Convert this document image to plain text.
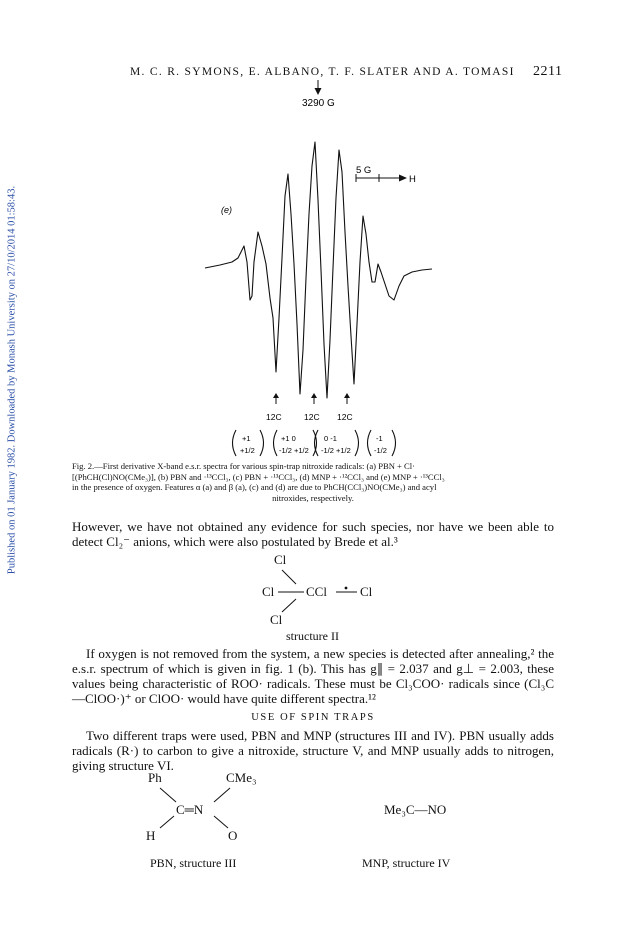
Published on 01 January 1982. Downloaded by Monash University on 27/10/2014 01:58:43.
M. C. R. SYMONS, E. ALBANO, T. F. SLATER AND A. TOMASI	2211
3290 G
5 G
H
(e)
12C	12C 12C
+1
+1/2
+1 0
-1/2 +1/2
0 -1
-1/2 +1/2
-1
-1/2
Fig. 2.—First derivative X-band e.s.r. spectra for various spin-trap nitroxide radicals: (a) PBN + Cl·
[(PhCH(Cl)NO(CMe₃)], (b) PBN and ·¹³CCl₃, (c) PBN + ·¹³CCl₃, (d) MNP + ·¹²CCl₃ and (e) MNP + ·¹³CCl₃
in the presence of oxygen. Features α (a) and β (a), (c) and (d) are due to PhCH(CCl₃)NO(CMe₃) and acyl
nitroxides, respectively.

However, we have not obtained any evidence for such species, nor have we been able to detect Cl₂⁻ anions, which were also postulated by Brede et al.³

Cl
Cl CCl	Cl
Cl
structure II

If oxygen is not removed from the system, a new species is detected after annealing,² the e.s.r. spectrum of which is given in fig. 1 (b). This has g∥ = 2.037 and g⊥ = 2.003, these values being characteristic of ROO· radicals. These must be Cl₃COO· radicals since (Cl₃C—ClOO·)⁺ or ClOO· would have quite different spectra.¹²

USE OF SPIN TRAPS

Two different traps were used, PBN and MNP (structures III and IV). PBN usually adds radicals (R·) to carbon to give a nitroxide, structure V, and MNP usually adds to nitrogen, giving structure VI.

Ph	CMe₃
C═N
H	O
PBN, structure III
Me₃C—NO
MNP, structure IV
